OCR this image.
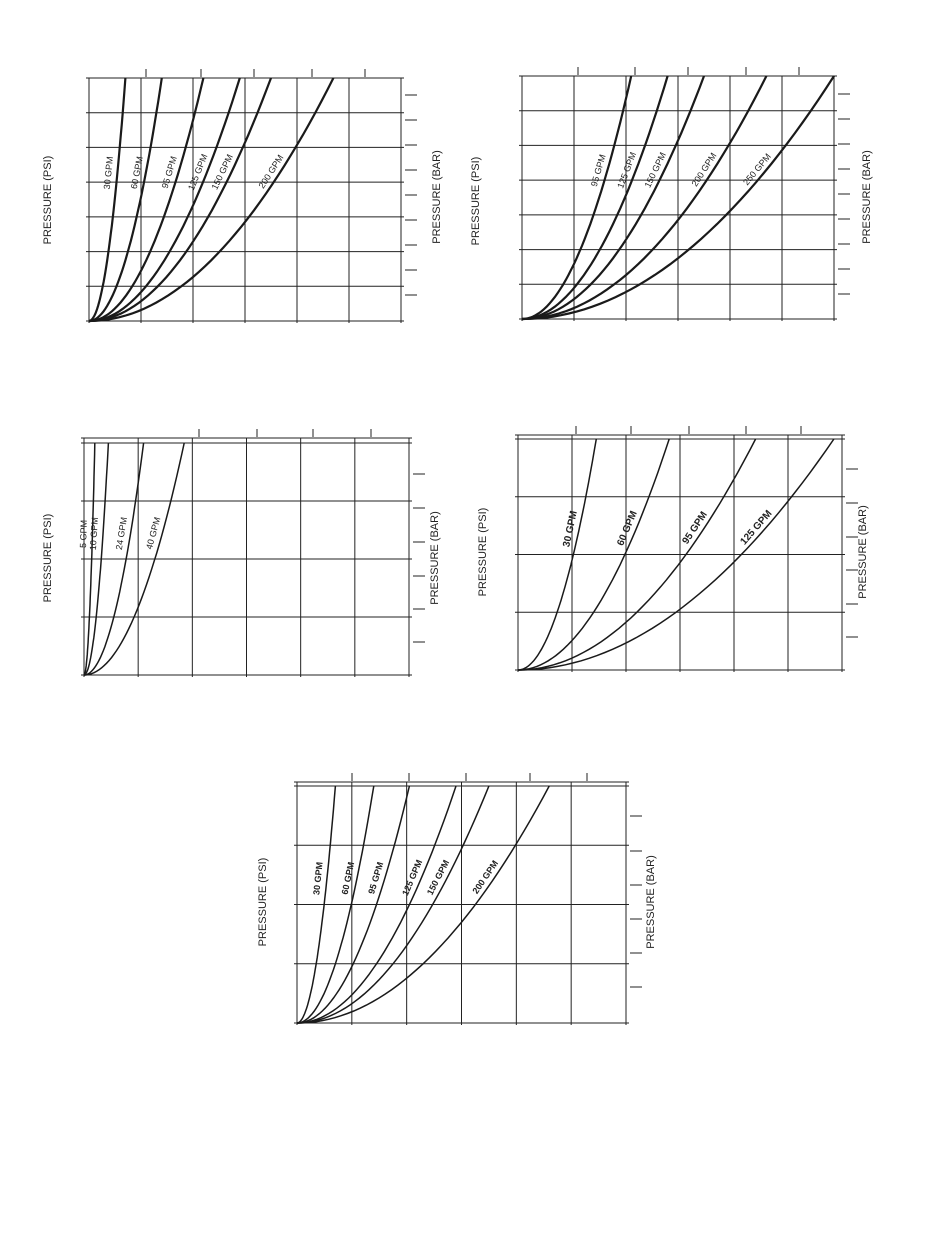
30 GPM 60 GPM 95 GPM 125 GPM 150 GPM 200 GPM
PRESSURE (PSI)	PRESSURE (BAR)	95 GPM 125 GPM 150 GPM 200 GPM	250 GPM
PRESSURE (PSI)	PRESSURE (BAR)
5 GPM
10 GPM 24 GPM 40 GPM
PRESSURE (PSI)	PRESSURE (BAR)	30 GPM	60 GPM	95 GPM	125 GPM
PRESSURE (PSI)	PRESSURE (BAR)
30 GPM 60 GPM 95 GPM 125 GPM 150 GPM 200 GPM
PRESSURE (PSI)	PRESSURE (BAR)
